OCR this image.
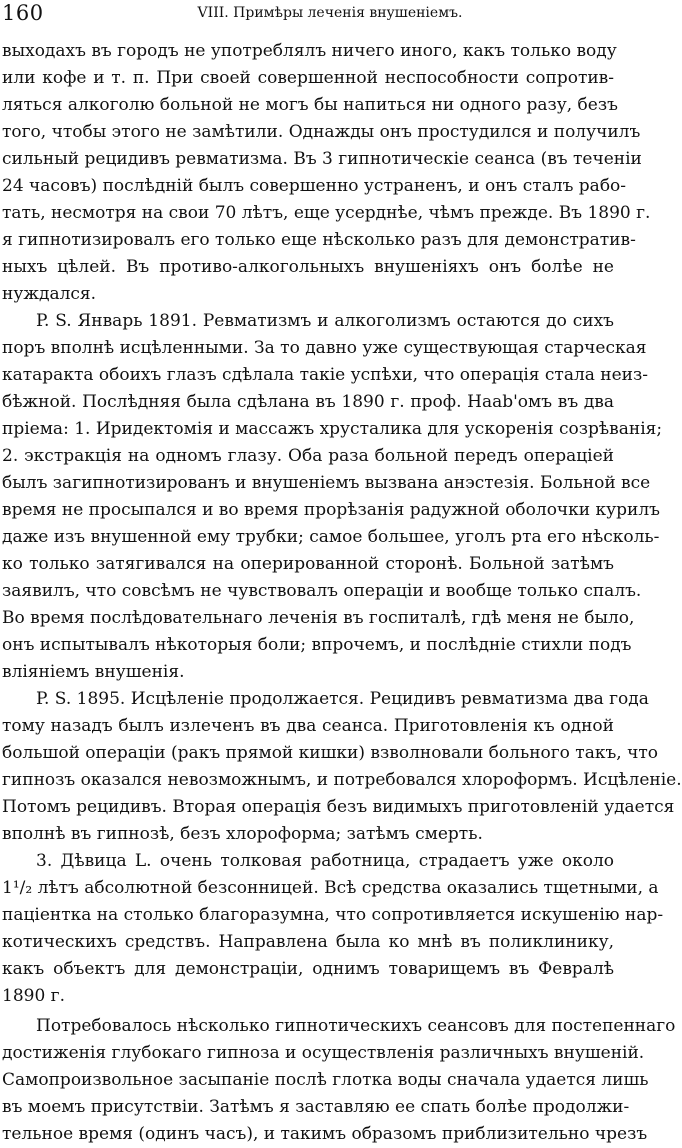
160	VIII. Примѣры леченія внушеніемъ.
выходахъ въ городъ не употреблялъ ничего иного, какъ только воду
или кофе и т. п. При своей совершенной неспособности сопротив-
ляться алкоголю больной не могъ бы напиться ни одного разу, безъ
того, чтобы этого не замѣтили. Однажды онъ простудился и получилъ
сильный рецидивъ ревматизма. Въ 3 гипнотическіе сеанса (въ теченіи
24 часовъ) послѣдній былъ совершенно устраненъ, и онъ сталъ рабо-
тать, несмотря на свои 70 лѣтъ, еще усерднѣе, чѣмъ прежде. Въ 1890 г.
я гипнотизировалъ его только еще нѣсколько разъ для демонстратив-
ныхъ цѣлей. Въ противо-алкогольныхъ внушеніяхъ онъ болѣе не
нуждался.
P. S. Январь 1891. Ревматизмъ и алкоголизмъ остаются до сихъ
поръ вполнѣ исцѣленными. За то давно уже существующая старческая
катаракта обоихъ глазъ сдѣлала такіе успѣхи, что операція стала неиз-
бѣжной. Послѣдняя была сдѣлана въ 1890 г. проф. Haab'омъ въ два
пріема: 1. Иридектомія и массажъ хрусталика для ускоренія созрѣванія;
2. экстракція на одномъ глазу. Оба раза больной передъ операціей
былъ загипнотизированъ и внушеніемъ вызвана анэстезія. Больной все
время не просыпался и во время прорѣзанія радужной оболочки курилъ
даже изъ внушенной ему трубки; самое большее, уголъ рта его нѣсколь-
ко только затягивался на оперированной сторонѣ. Больной затѣмъ
заявилъ, что совсѣмъ не чувствовалъ операціи и вообще только спалъ.
Во время послѣдовательнаго леченія въ госпиталѣ, гдѣ меня не было,
онъ испытывалъ нѣкоторыя боли; впрочемъ, и послѣдніе стихли подъ
вліяніемъ внушенія.
P. S. 1895. Исцѣленіе продолжается. Рецидивъ ревматизма два года
тому назадъ былъ излеченъ въ два сеанса. Приготовленія къ одной
большой операціи (ракъ прямой кишки) взволновали больного такъ, что
гипнозъ оказался невозможнымъ, и потребовался хлороформъ. Исцѣленіе.
Потомъ рецидивъ. Вторая операція безъ видимыхъ приготовленій удается
вполнѣ въ гипнозѣ, безъ хлороформа; затѣмъ смерть.
3. Дѣвица L. очень толковая работница, страдаетъ уже около
1¹/₂ лѣтъ абсолютной безсонницей. Всѣ средства оказались тщетными, а
паціентка на столько благоразумна, что сопротивляется искушенію нар-
котическихъ средствъ. Направлена была ко мнѣ въ поликлинику,
какъ объектъ для демонстраціи, однимъ товарищемъ въ Февралѣ
1890 г.
Потребовалось нѣсколько гипнотическихъ сеансовъ для постепеннаго
достиженія глубокаго гипноза и осуществленія различныхъ внушеній.
Самопроизвольное засыпаніе послѣ глотка воды сначала удается лишь
въ моемъ присутствіи. Затѣмъ я заставляю ее спать болѣе продолжи-
тельное время (одинъ часъ), и такимъ образомъ приблизительно чрезъ
